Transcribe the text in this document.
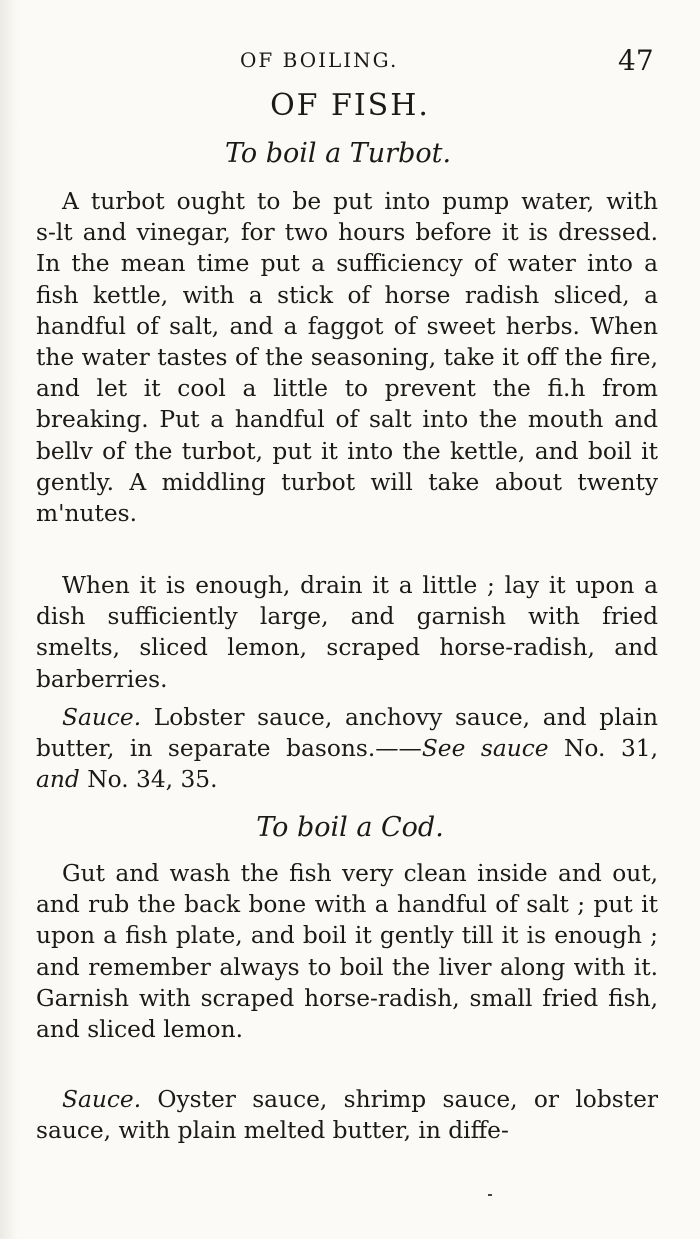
OF BOILING.	47
OF FISH.
To boil a Turbot.

A turbot ought to be put into pump water, with s‑lt and vinegar, for two hours before it is dressed. In the mean time put a sufficiency of water into a fish kettle, with a stick of horse radish sliced, a handful of salt, and a faggot of sweet herbs. When the water tastes of the seasoning, take it off the fire, and let it cool a little to prevent the fi.h from breaking. Put a handful of salt into the mouth and bellv of the turbot, put it into the kettle, and boil it gently. A middling turbot will take about twenty m'nutes.

When it is enough, drain it a little ; lay it upon a dish sufficiently large, and garnish with fried smelts, sliced lemon, scraped horse-radish, and barberries.

Sauce. Lobster sauce, anchovy sauce, and plain butter, in separate basons.——See sauce No. 31, and No. 34, 35.

To boil a Cod.

Gut and wash the fish very clean inside and out, and rub the back bone with a handful of salt ; put it upon a fish plate, and boil it gently till it is enough ; and remember always to boil the liver along with it. Garnish with scraped horse-radish, small fried fish, and sliced lemon.

Sauce. Oyster sauce, shrimp sauce, or lobster sauce, with plain melted butter, in diffe-
